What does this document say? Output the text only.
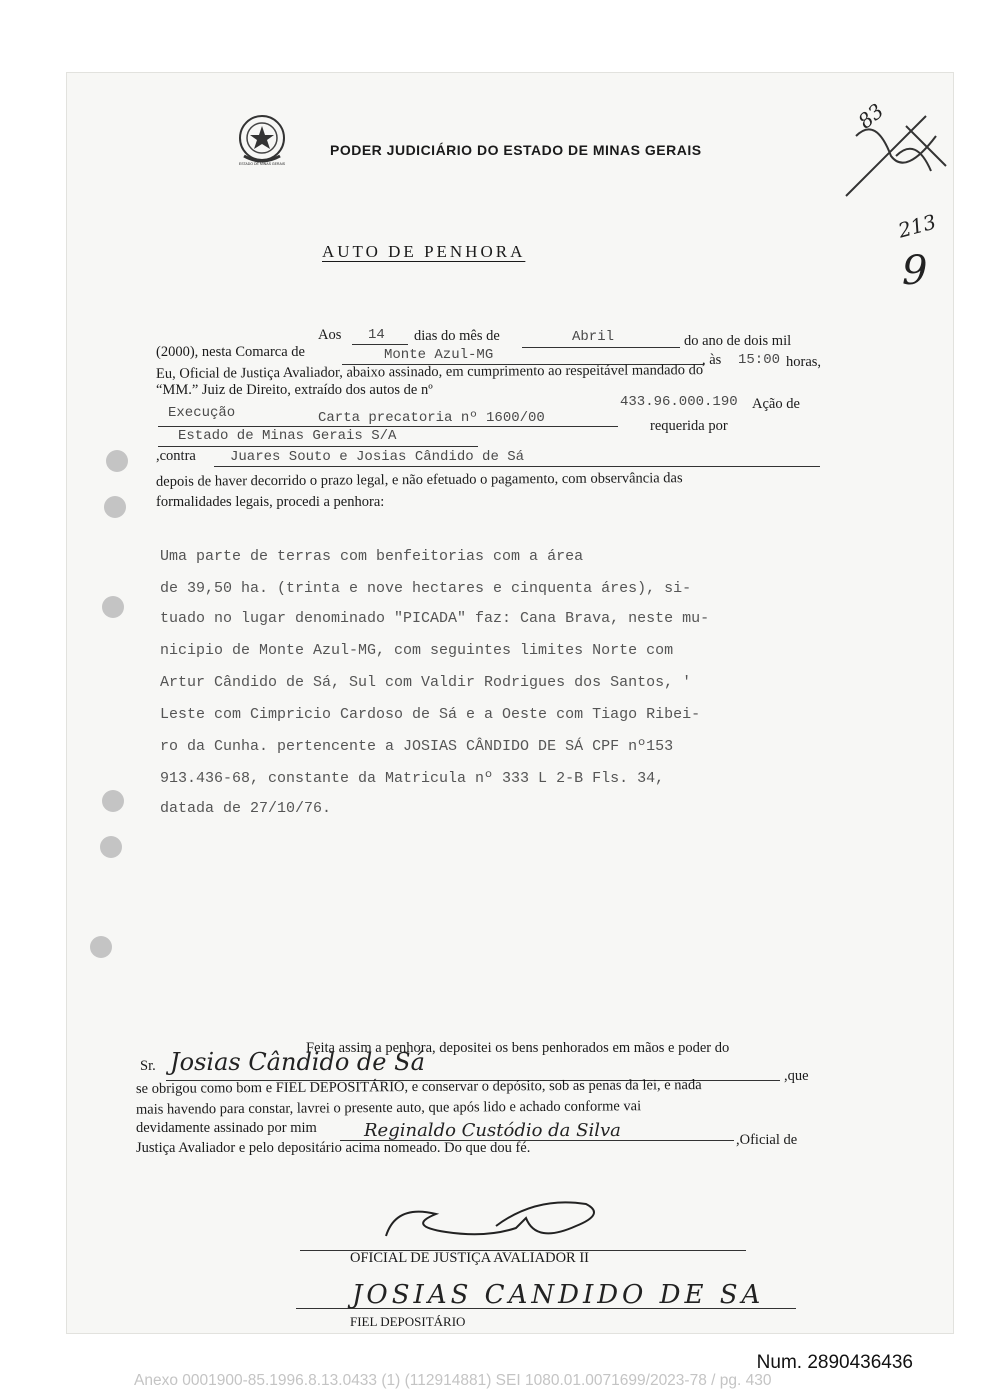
ESTADO DE MINAS GERAIS
PODER JUDICIÁRIO DO ESTADO DE MINAS GERAIS
83
213
9
AUTO DE PENHORA
Aos 14 dias do mês de	Abril	do ano de dois mil
(2000), nesta Comarca de	Monte Azul-MG	, às 15:00 horas,
Eu, Oficial de Justiça Avaliador, abaixo assinado, em cumprimento ao respeitável mandado do
“MM.” Juiz de Direito, extraído dos autos de nº
433.96.000.190 Ação de
Execução	Carta precatoria nº 1600/00	requerida por
Estado de Minas Gerais S/A
,contra Juares Souto e Josias Cândido de Sá
depois de haver decorrido o prazo legal, e não efetuado o pagamento, com observância das
formalidades legais, procedi a penhora:
Uma parte de terras com benfeitorias com a área
de 39,50 ha. (trinta e nove hectares e cinquenta áres), si-
tuado no lugar denominado "PICADA" faz: Cana Brava, neste mu-
nicipio de Monte Azul-MG, com seguintes limites Norte com
Artur Cândido de Sá, Sul com Valdir Rodrigues dos Santos, '
Leste com Cimpricio Cardoso de Sá e a Oeste com Tiago Ribei-
ro da Cunha. pertencente a JOSIAS CÂNDIDO DE SÁ CPF nº153
913.436-68, constante da Matricula nº 333 L 2-B Fls. 34,
datada de 27/10/76.
Feita assim a penhora, depositei os bens penhorados em mãos e poder do
Sr. Josias Cândido de Sá	,que
se obrigou como bom e FIEL DEPOSITÁRIO, e conservar o depósito, sob as penas da lei, e nada
mais havendo para constar, lavrei o presente auto, que após lido e achado conforme vai
devidamente assinado por mim	Reginaldo Custódio da Silva	,Oficial de
Justiça Avaliador e pelo depositário acima nomeado. Do que dou fé.
OFICIAL DE JUSTIÇA AVALIADOR II
JOSIAS CANDIDO DE SA
FIEL DEPOSITÁRIO
Num. 2890436436
Anexo 0001900-85.1996.8.13.0433 (1) (112914881) SEI 1080.01.0071699/2023-78 / pg. 430
